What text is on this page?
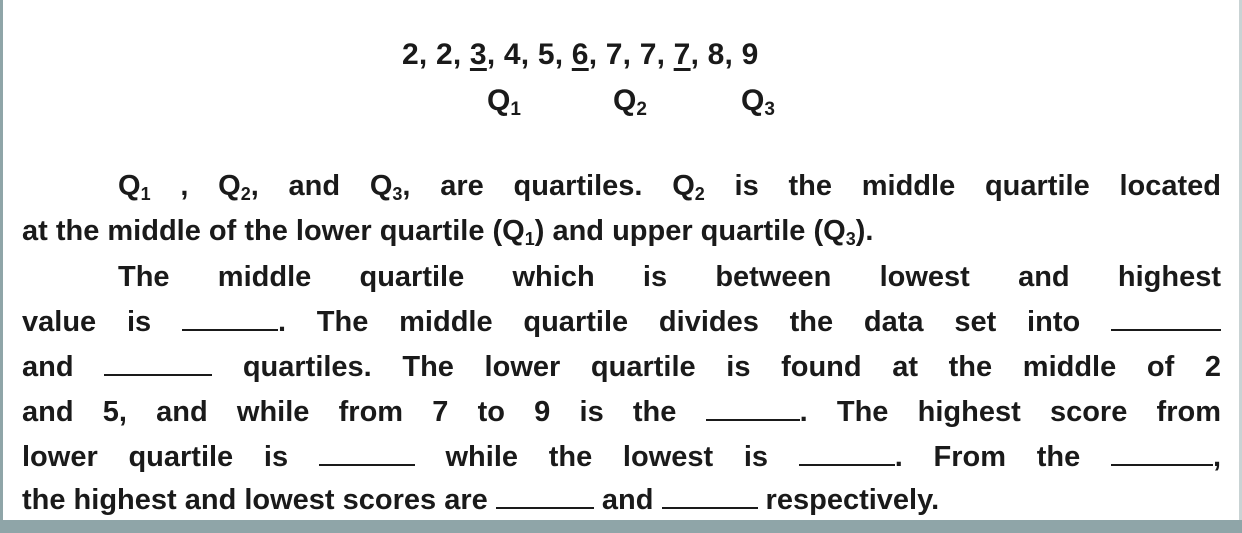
2, 2, 3, 4, 5, 6, 7, 7, 7, 8, 9
$Q_1$	$Q_2$	$Q_3$
$Q_1$ , $Q_2$, and $Q_3$, are quartiles. $Q_2$ is the middle quartile located
at the middle of the lower quartile $(Q_1)$ and upper quartile $(Q_3)$.
The middle quartile which is between lowest and highest
value is	. The middle quartile divides the data set into
and	quartiles. The lower quartile is found at the middle of 2
and 5, and while from 7 to 9 is the	. The highest score from
lower quartile is	while the lowest is	. From the	,
the highest and lowest scores are	and	respectively.
